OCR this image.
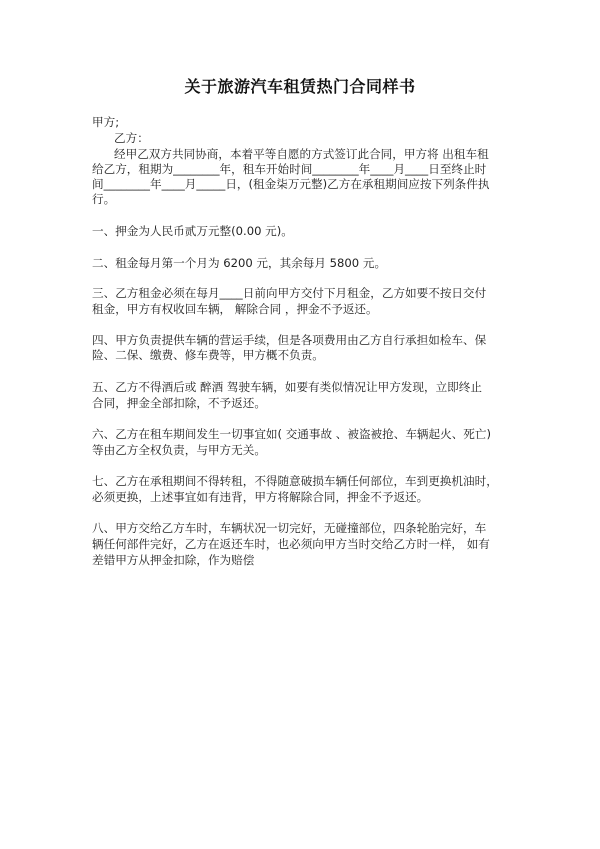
关于旅游汽车租赁热门合同样书
甲方;
乙方：
经甲乙双方共同协商，本着平等自愿的方式签订此合同，甲方将 出租车租
给乙方，租期为________年，租车开始时间________年____月____日至终止时
间________年____月_____日，(租金柒万元整)乙方在承租期间应按下列条件执
行。
一、押金为人民币贰万元整(0.00 元)。
二、租金每月第一个月为 6200 元，其余每月 5800 元。
三、乙方租金必须在每月____日前向甲方交付下月租金，乙方如要不按日交付
租金，甲方有权收回车辆， 解除合同 ，押金不予返还。
四、甲方负责提供车辆的营运手续，但是各项费用由乙方自行承担如检车、保
险、二保、缴费、修车费等，甲方概不负责。
五、乙方不得酒后或 醉酒 驾驶车辆，如要有类似情况让甲方发现，立即终止
合同，押金全部扣除，不予返还。
六、乙方在租车期间发生一切事宜如( 交通事故 、被盗被抢、车辆起火、死亡)
等由乙方全权负责，与甲方无关。
七、乙方在承租期间不得转租，不得随意破损车辆任何部位，车到更换机油时，
必须更换，上述事宜如有违背，甲方将解除合同，押金不予返还。
八、甲方交给乙方车时，车辆状况一切完好，无碰撞部位，四条轮胎完好，车
辆任何部件完好，乙方在返还车时，也必须向甲方当时交给乙方时一样， 如有
差错甲方从押金扣除，作为赔偿
